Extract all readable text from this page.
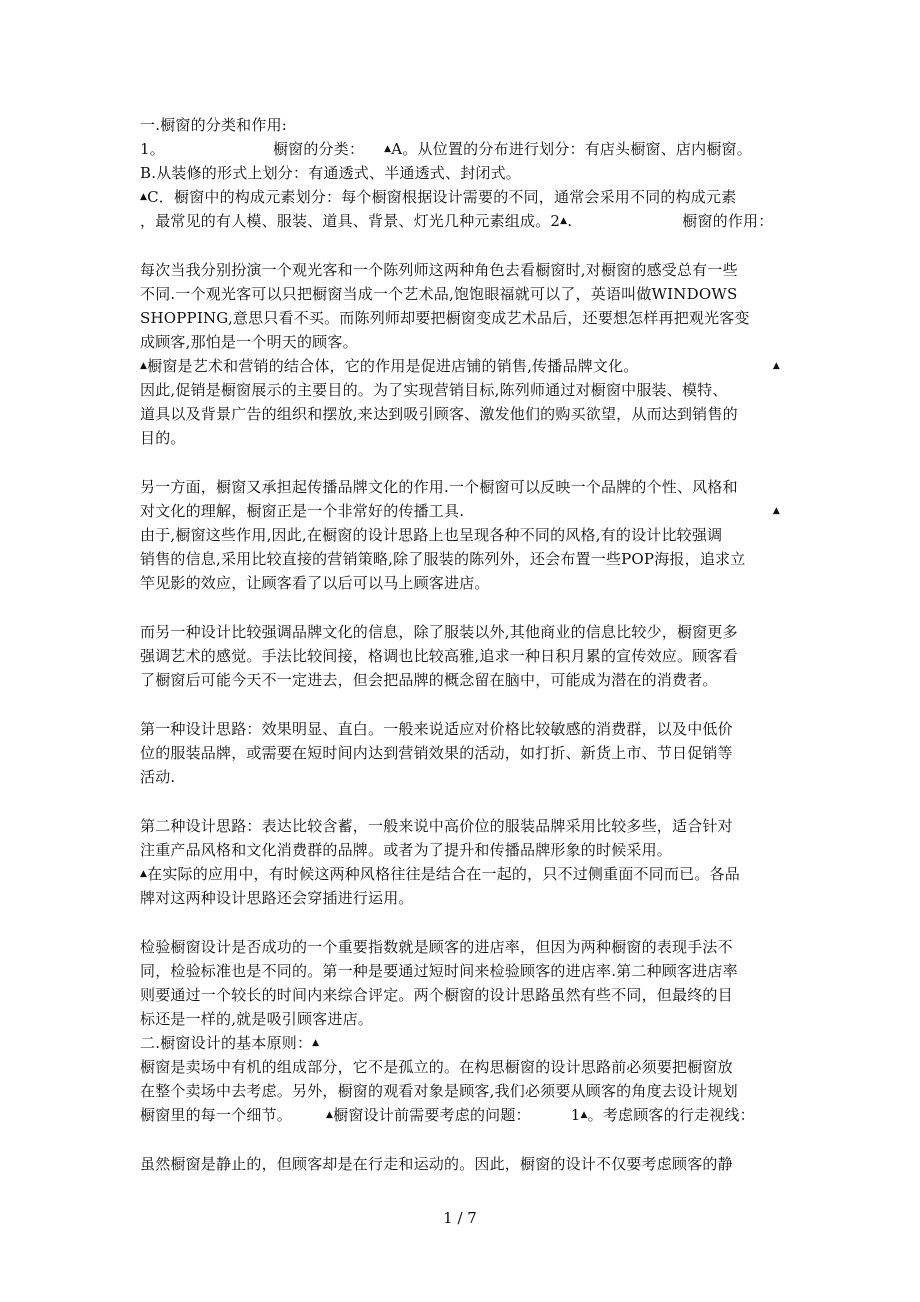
一.橱窗的分类和作用:
1。	橱窗的分类： ▲A。从位置的分布进行划分：有店头橱窗、店内橱窗。
B.从装修的形式上划分：有通透式、半通透式、封闭式。
▲C．橱窗中的构成元素划分：每个橱窗根据设计需要的不同，通常会采用不同的构成元素
，最常见的有人模、服装、道具、背景、灯光几种元素组成。2▲.	橱窗的作用：
每次当我分别扮演一个观光客和一个陈列师这两种角色去看橱窗时,对橱窗的感受总有一些
不同.一个观光客可以只把橱窗当成一个艺术品,饱饱眼福就可以了，英语叫做WINDOWS
SHOPPING,意思只看不买。而陈列师却要把橱窗变成艺术品后，还要想怎样再把观光客变
成顾客,那怕是一个明天的顾客。
▲橱窗是艺术和营销的结合体，它的作用是促进店铺的销售,传播品牌文化。	▲
因此,促销是橱窗展示的主要目的。为了实现营销目标,陈列师通过对橱窗中服装、模特、
道具以及背景广告的组织和摆放,来达到吸引顾客、激发他们的购买欲望，从而达到销售的
目的。
另一方面，橱窗又承担起传播品牌文化的作用.一个橱窗可以反映一个品牌的个性、风格和
对文化的理解，橱窗正是一个非常好的传播工具.	▲
由于,橱窗这些作用,因此,在橱窗的设计思路上也呈现各种不同的风格,有的设计比较强调
销售的信息,采用比较直接的营销策略,除了服装的陈列外，还会布置一些POP海报，追求立
竿见影的效应，让顾客看了以后可以马上顾客进店。
而另一种设计比较强调品牌文化的信息，除了服装以外,其他商业的信息比较少，橱窗更多
强调艺术的感觉。手法比较间接，格调也比较高雅,追求一种日积月累的宣传效应。顾客看
了橱窗后可能今天不一定进去，但会把品牌的概念留在脑中，可能成为潜在的消费者。
第一种设计思路：效果明显、直白。一般来说适应对价格比较敏感的消费群，以及中低价
位的服装品牌，或需要在短时间内达到营销效果的活动，如打折、新货上市、节日促销等
活动.
第二种设计思路：表达比较含蓄，一般来说中高价位的服装品牌采用比较多些，适合针对
注重产品风格和文化消费群的品牌。或者为了提升和传播品牌形象的时候采用。
▲在实际的应用中，有时候这两种风格往往是结合在一起的，只不过侧重面不同而已。各品
牌对这两种设计思路还会穿插进行运用。
检验橱窗设计是否成功的一个重要指数就是顾客的进店率，但因为两种橱窗的表现手法不
同，检验标准也是不同的。第一种是要通过短时间来检验顾客的进店率.第二种顾客进店率
则要通过一个较长的时间内来综合评定。两个橱窗的设计思路虽然有些不同，但最终的目
标还是一样的,就是吸引顾客进店。
二.橱窗设计的基本原则：▲
橱窗是卖场中有机的组成部分，它不是孤立的。在构思橱窗的设计思路前必须要把橱窗放
在整个卖场中去考虑。另外，橱窗的观看对象是顾客,我们必须要从顾客的角度去设计规划
橱窗里的每一个细节。	▲橱窗设计前需要考虑的问题：	1▲。考虑顾客的行走视线：
虽然橱窗是静止的，但顾客却是在行走和运动的。因此，橱窗的设计不仅要考虑顾客的静
1 / 7
